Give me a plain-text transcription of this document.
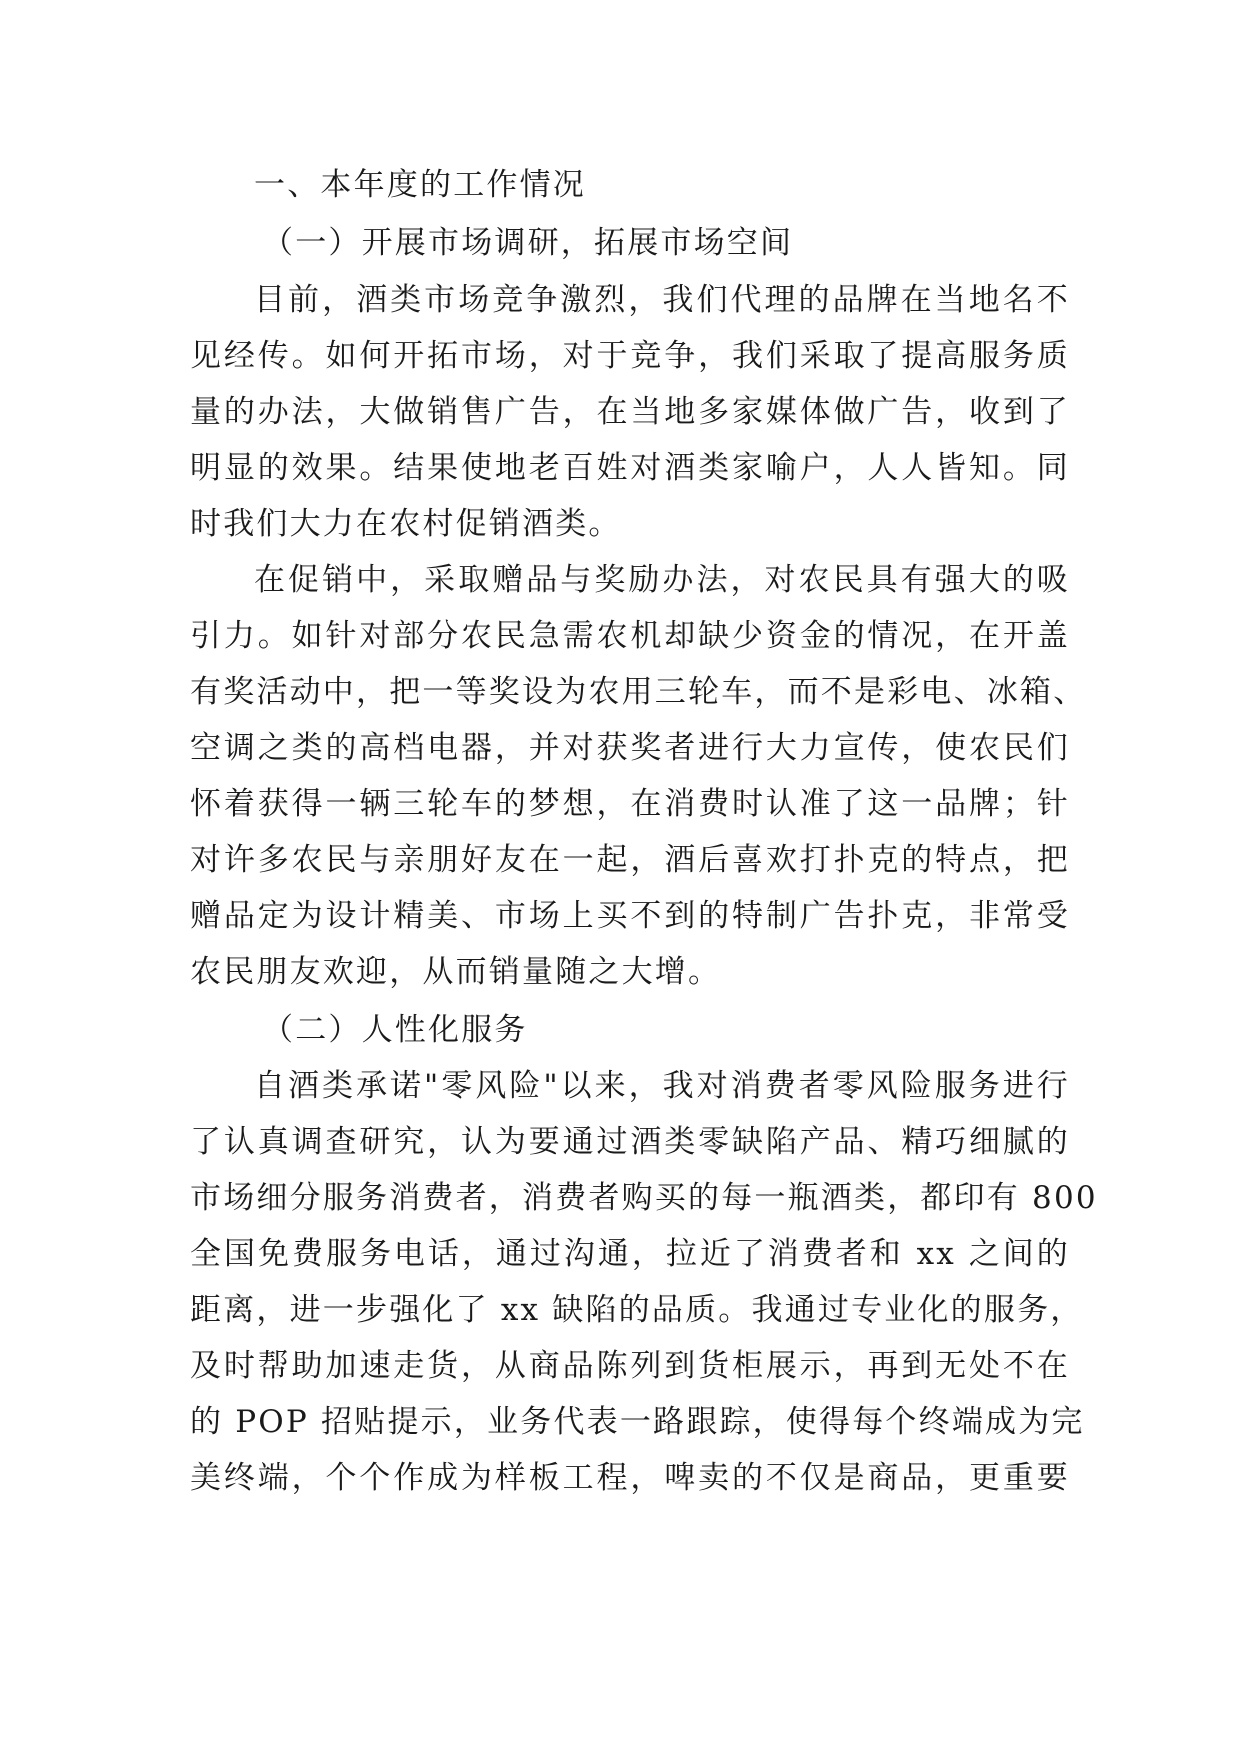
一、本年度的工作情况
（一）开展市场调研，拓展市场空间
目前，酒类市场竞争激烈，我们代理的品牌在当地名不
见经传。如何开拓市场，对于竞争，我们采取了提高服务质
量的办法，大做销售广告，在当地多家媒体做广告，收到了
明显的效果。结果使地老百姓对酒类家喻户，人人皆知。同
时我们大力在农村促销酒类。
在促销中，采取赠品与奖励办法，对农民具有强大的吸
引力。如针对部分农民急需农机却缺少资金的情况，在开盖
有奖活动中，把一等奖设为农用三轮车，而不是彩电、冰箱、
空调之类的高档电器，并对获奖者进行大力宣传，使农民们
怀着获得一辆三轮车的梦想，在消费时认准了这一品牌；针
对许多农民与亲朋好友在一起，酒后喜欢打扑克的特点，把
赠品定为设计精美、市场上买不到的特制广告扑克，非常受
农民朋友欢迎，从而销量随之大增。
（二）人性化服务
自酒类承诺"零风险"以来，我对消费者零风险服务进行
了认真调查研究，认为要通过酒类零缺陷产品、精巧细腻的
市场细分服务消费者，消费者购买的每一瓶酒类，都印有 800
全国免费服务电话，通过沟通，拉近了消费者和 xx 之间的
距离，进一步强化了 xx 缺陷的品质。我通过专业化的服务，
及时帮助加速走货，从商品陈列到货柜展示，再到无处不在
的 POP 招贴提示，业务代表一路跟踪，使得每个终端成为完
美终端，个个作成为样板工程，啤卖的不仅是商品，更重要
